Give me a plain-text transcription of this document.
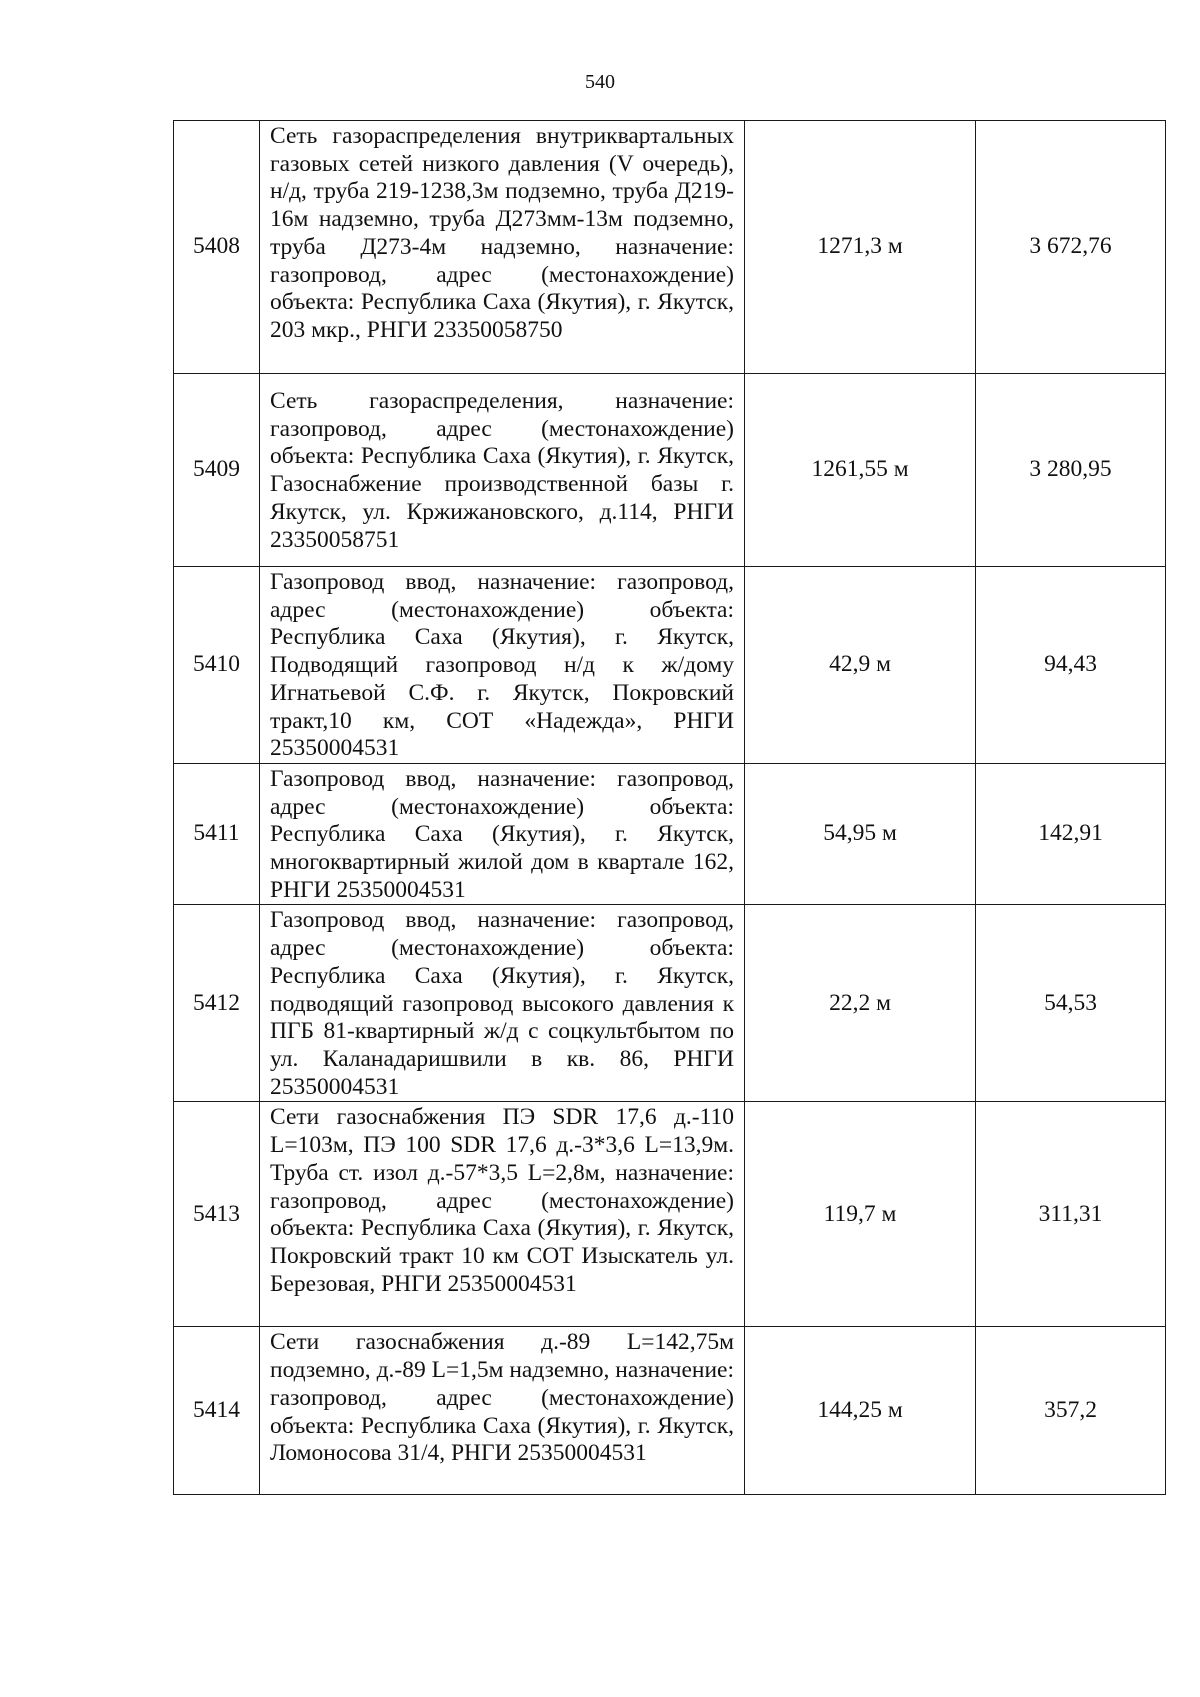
540
5408	Сеть газораспределения внутриквартальных газовых сетей низкого давления (V очередь), н/д, труба 219-1238,3м подземно, труба Д219-16м надземно, труба Д273мм-13м подземно, труба Д273-4м надземно, назначение: газопровод, адрес (местонахождение) объекта: Республика Саха (Якутия), г. Якутск, 203 мкр., РНГИ 23350058750	1271,3 м	3 672,76
5409	Сеть газораспределения, назначение: газопровод, адрес (местонахождение) объекта: Республика Саха (Якутия), г. Якутск, Газоснабжение производственной базы г. Якутск, ул. Кржижановского, д.114, РНГИ 23350058751	1261,55 м	3 280,95
5410	Газопровод ввод, назначение: газопровод, адрес (местонахождение) объекта: Республика Саха (Якутия), г. Якутск, Подводящий газопровод н/д к ж/дому Игнатьевой С.Ф. г. Якутск, Покровский тракт,10 км, СОТ «Надежда», РНГИ 25350004531	42,9 м	94,43
5411	Газопровод ввод, назначение: газопровод, адрес (местонахождение) объекта: Республика Саха (Якутия), г. Якутск, многоквартирный жилой дом в квартале 162, РНГИ 25350004531	54,95 м	142,91
5412	Газопровод ввод, назначение: газопровод, адрес (местонахождение) объекта: Республика Саха (Якутия), г. Якутск, подводящий газопровод высокого давления к ПГБ 81-квартирный ж/д с соцкультбытом по ул. Каланадаришвили в кв. 86, РНГИ 25350004531	22,2 м	54,53
5413	Сети газоснабжения ПЭ SDR 17,6 д.-110 L=103м, ПЭ 100 SDR 17,6 д.-3*3,6 L=13,9м. Труба ст. изол д.-57*3,5 L=2,8м, назначение: газопровод, адрес (местонахождение) объекта: Республика Саха (Якутия), г. Якутск, Покровский тракт 10 км СОТ Изыскатель ул. Березовая, РНГИ 25350004531	119,7 м	311,31
5414	Сети газоснабжения д.-89 L=142,75м подземно, д.-89 L=1,5м надземно, назначение: газопровод, адрес (местонахождение) объекта: Республика Саха (Якутия), г. Якутск, Ломоносова 31/4, РНГИ 25350004531	144,25 м	357,2
